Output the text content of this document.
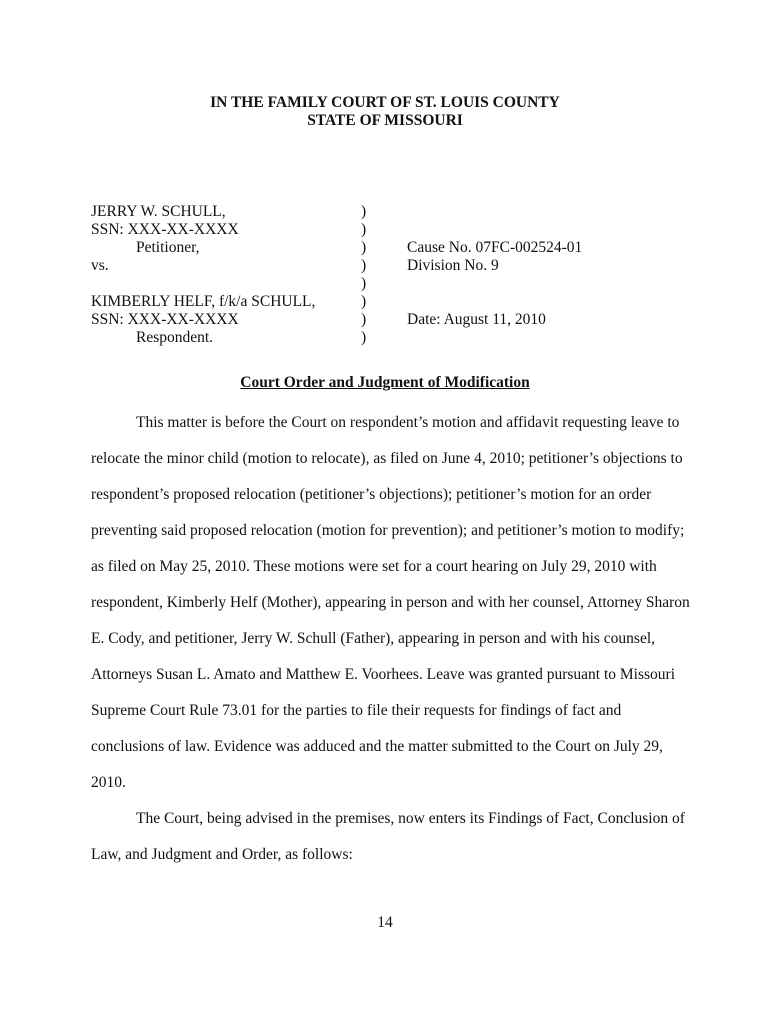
IN THE FAMILY COURT OF ST. LOUIS COUNTY
STATE OF MISSOURI
JERRY W. SCHULL,
SSN: XXX-XX-XXXX
Petitioner,
vs.
KIMBERLY HELF, f/k/a SCHULL,
SSN: XXX-XX-XXXX
Respondent.
)
)
)
)
)
)
)
)
Cause No. 07FC-002524-01
Division No. 9
Date: August 11, 2010
Court Order and Judgment of Modification
This matter is before the Court on respondent’s motion and affidavit requesting leave to
relocate the minor child (motion to relocate), as filed on June 4, 2010; petitioner’s objections to
respondent’s proposed relocation (petitioner’s objections); petitioner’s motion for an order
preventing said proposed relocation (motion for prevention); and petitioner’s motion to modify;
as filed on May 25, 2010. These motions were set for a court hearing on July 29, 2010 with
respondent, Kimberly Helf (Mother), appearing in person and with her counsel, Attorney Sharon
E. Cody, and petitioner, Jerry W. Schull (Father), appearing in person and with his counsel,
Attorneys Susan L. Amato and Matthew E. Voorhees. Leave was granted pursuant to Missouri
Supreme Court Rule 73.01 for the parties to file their requests for findings of fact and
conclusions of law. Evidence was adduced and the matter submitted to the Court on July 29,
2010.
The Court, being advised in the premises, now enters its Findings of Fact, Conclusion of
Law, and Judgment and Order, as follows:
14
